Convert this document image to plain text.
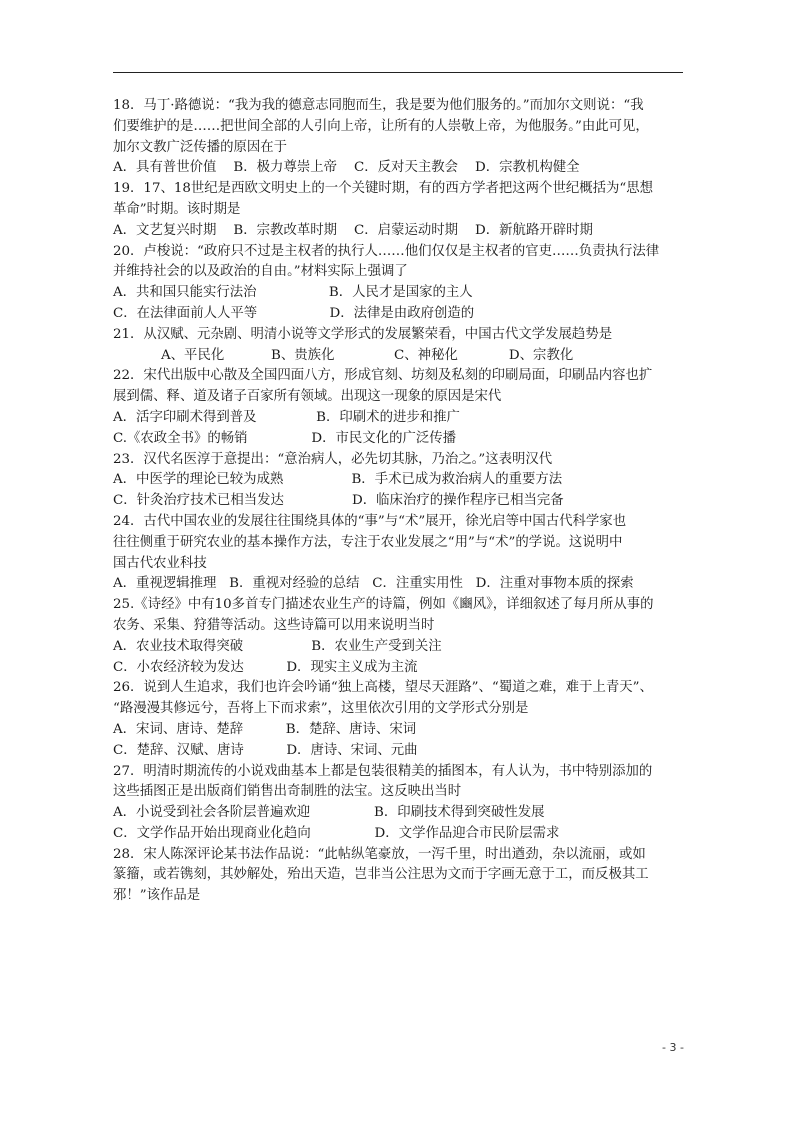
18．马丁·路德说：“我为我的德意志同胞而生，我是要为他们服务的。”而加尔文则说：“我
们要维护的是……把世间全部的人引向上帝，让所有的人崇敬上帝，为他服务。”由此可见，
加尔文教广泛传播的原因在于
A．具有普世价值    B．极力尊崇上帝    C．反对天主教会    D．宗教机构健全
19．17、18世纪是西欧文明史上的一个关键时期，有的西方学者把这两个世纪概括为“思想
革命”时期。该时期是
A．文艺复兴时期    B．宗教改革时期    C．启蒙运动时期    D．新航路开辟时期
20．卢梭说：“政府只不过是主权者的执行人……他们仅仅是主权者的官吏……负责执行法律
并维持社会的以及政治的自由。”材料实际上强调了
A．共和国只能实行法治                 B．人民才是国家的主人
C．在法律面前人人平等                 D．法律是由政府创造的
21．从汉赋、元杂剧、明清小说等文学形式的发展繁荣看，中国古代文学发展趋势是
A、平民化           B、贵族化              C、神秘化            D、宗教化
22．宋代出版中心散及全国四面八方，形成官刻、坊刻及私刻的印刷局面，印刷品内容也扩
展到儒、释、道及诸子百家所有领域。出现这一现象的原因是宋代
A．活字印刷术得到普及              B．印刷术的进步和推广
C.《农政全书》的畅销               D．市民文化的广泛传播
23．汉代名医淳于意提出：“意治病人，必先切其脉，乃治之。”这表明汉代
A．中医学的理论已较为成熟                B．手术已成为救治病人的重要方法
C．针灸治疗技术已相当发达                D．临床治疗的操作程序已相当完备
24．古代中国农业的发展往往围绕具体的“事”与“术”展开，徐光启等中国古代科学家也
往往侧重于研究农业的基本操作方法，专注于农业发展之“用”与“术”的学说。这说明中
国古代农业科技
A．重视逻辑推理   B．重视对经验的总结   C．注重实用性   D．注重对事物本质的探索
25.《诗经》中有10多首专门描述农业生产的诗篇，例如《豳风》，详细叙述了每月所从事的
农务、采集、狩猎等活动。这些诗篇可以用来说明当时
A．农业技术取得突破                B．农业生产受到关注
C．小农经济较为发达          D．现实主义成为主流
26．说到人生追求，我们也许会吟诵“独上高楼，望尽天涯路”、“蜀道之难，难于上青天”、
“路漫漫其修远兮，吾将上下而求索”，这里依次引用的文学形式分别是
A．宋词、唐诗、楚辞          B．楚辞、唐诗、宋词
C．楚辞、汉赋、唐诗          D．唐诗、宋词、元曲
27．明清时期流传的小说戏曲基本上都是包装很精美的插图本，有人认为，书中特别添加的
这些插图正是出版商们销售出奇制胜的法宝。这反映出当时
A．小说受到社会各阶层普遍欢迎               B．印刷技术得到突破性发展
C．文学作品开始出现商业化趋向               D．文学作品迎合市民阶层需求
28．宋人陈深评论某书法作品说：“此帖纵笔豪放，一泻千里，时出遒劲，杂以流丽，或如
篆籀，或若镌刻，其妙解处，殆出天造，岂非当公注思为文而于字画无意于工，而反极其工
邪！”该作品是
- 3 -
